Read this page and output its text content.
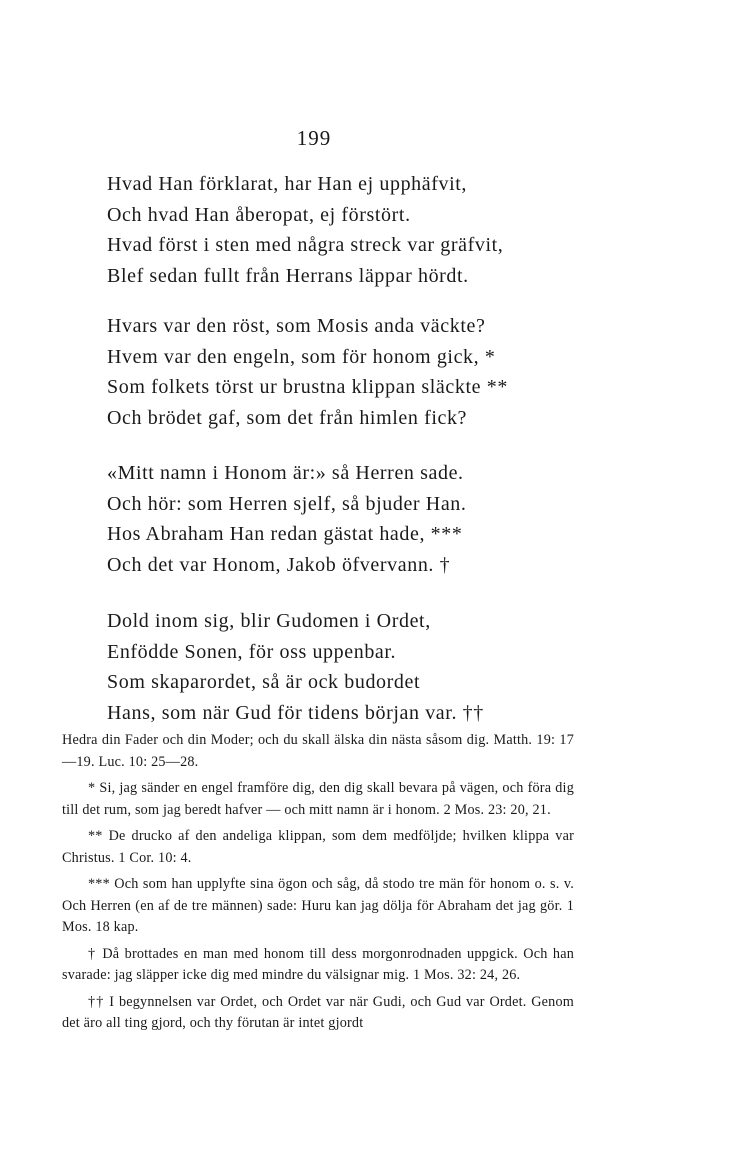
199
Hvad Han förklarat, har Han ej upphäfvit,
Och hvad Han åberopat, ej förstört.
Hvad först i sten med några streck var gräfvit,
Blef sedan fullt från Herrans läppar hördt.
Hvars var den röst, som Mosis anda väckte?
Hvem var den engeln, som för honom gick, *
Som folkets törst ur brustna klippan släckte **
Och brödet gaf, som det från himlen fick?
«Mitt namn i Honom är:» så Herren sade.
Och hör: som Herren sjelf, så bjuder Han.
Hos Abraham Han redan gästat hade, ***
Och det var Honom, Jakob öfvervann. †
Dold inom sig, blir Gudomen i Ordet,
Enfödde Sonen, för oss uppenbar.
Som skaparordet, så är ock budordet
Hans, som när Gud för tidens början var. ††
Hedra din Fader och din Moder; och du skall älska din nästa såsom dig. Matth. 19: 17—19. Luc. 10: 25—28.
* Si, jag sänder en engel framföre dig, den dig skall bevara på vägen, och föra dig till det rum, som jag beredt hafver — och mitt namn är i honom. 2 Mos. 23: 20, 21.
** De drucko af den andeliga klippan, som dem medföljde; hvilken klippa var Christus. 1 Cor. 10: 4.
*** Och som han upplyfte sina ögon och såg, då stodo tre män för honom o. s. v. Och Herren (en af de tre männen) sade: Huru kan jag dölja för Abraham det jag gör. 1 Mos. 18 kap.
† Då brottades en man med honom till dess morgonrodnaden uppgick. Och han svarade: jag släpper icke dig med mindre du välsignar mig. 1 Mos. 32: 24, 26.
†† I begynnelsen var Ordet, och Ordet var när Gudi, och Gud var Ordet. Genom det äro all ting gjord, och thy förutan är intet gjordt
